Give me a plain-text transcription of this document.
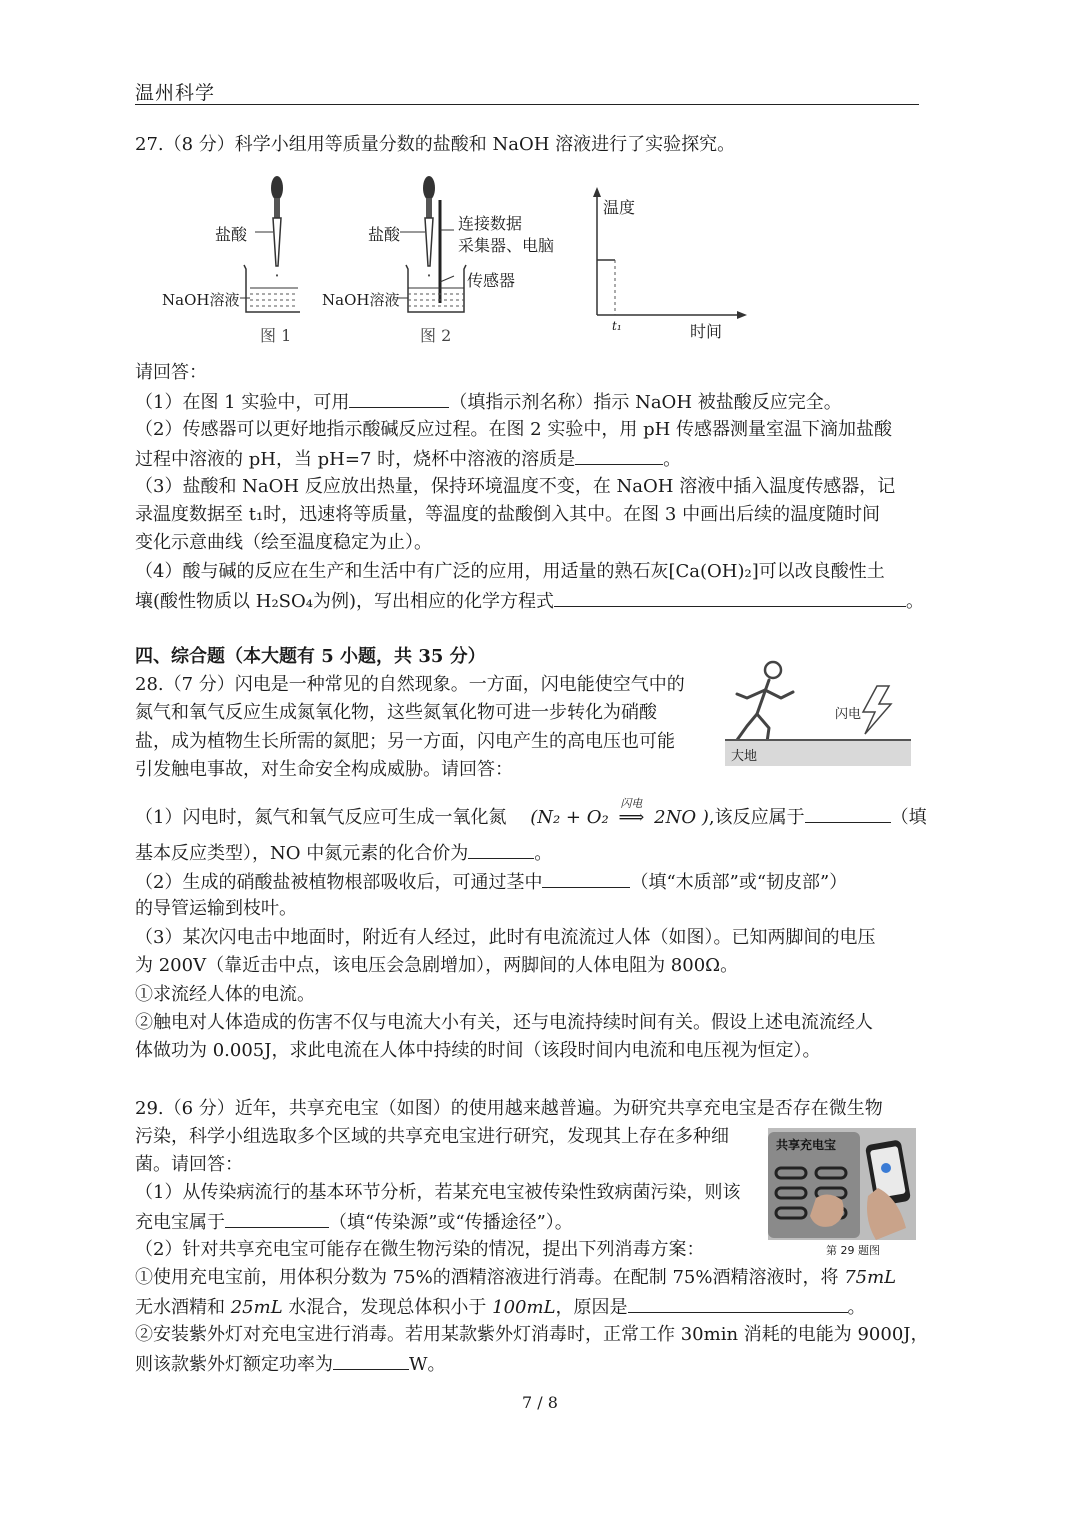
温州科学
27.（8 分）科学小组用等质量分数的盐酸和 NaOH 溶液进行了实验探究。
盐酸
NaOH溶液
图 1
盐酸
连接数据
采集器、电脑
传感器
NaOH溶液
图 2
温度
时间
t₁
请回答：
（1）在图 1 实验中，可用	（填指示剂名称）指示 NaOH 被盐酸反应完全。
（2）传感器可以更好地指示酸碱反应过程。在图 2 实验中，用 pH 传感器测量室温下滴加盐酸
过程中溶液的 pH，当 pH=7 时，烧杯中溶液的溶质是	。
（3）盐酸和 NaOH 反应放出热量，保持环境温度不变，在 NaOH 溶液中插入温度传感器，记
录温度数据至 t₁时，迅速将等质量，等温度的盐酸倒入其中。在图 3 中画出后续的温度随时间
变化示意曲线（绘至温度稳定为止）。
（4）酸与碱的反应在生产和生活中有广泛的应用，用适量的熟石灰[Ca(OH)₂]可以改良酸性土
壤(酸性物质以 H₂SO₄为例)，写出相应的化学方程式	。
四、综合题（本大题有 5 小题，共 35 分）
28.（7 分）闪电是一种常见的自然现象。一方面，闪电能使空气中的
氮气和氧气反应生成氮氧化物，这些氮氧化物可进一步转化为硝酸
盐，成为植物生长所需的氮肥；另一方面，闪电产生的高电压也可能
引发触电事故，对生命安全构成威胁。请回答：
闪电
大地
（1）闪电时，氮气和氧气反应可生成一氧化氮 (N₂ + O₂
闪电
⟹ 2NO ),该反应属于	（填
基本反应类型），NO 中氮元素的化合价为	。
（2）生成的硝酸盐被植物根部吸收后，可通过茎中	（填“木质部”或“韧皮部”）
的导管运输到枝叶。
（3）某次闪电击中地面时，附近有人经过，此时有电流流过人体（如图）。已知两脚间的电压
为 200V（靠近击中点，该电压会急剧增加），两脚间的人体电阻为 800Ω。
①求流经人体的电流。
②触电对人体造成的伤害不仅与电流大小有关，还与电流持续时间有关。假设上述电流流经人
体做功为 0.005J，求此电流在人体中持续的时间（该段时间内电流和电压视为恒定）。
29.（6 分）近年，共享充电宝（如图）的使用越来越普遍。为研究共享充电宝是否存在微生物
污染，科学小组选取多个区域的共享充电宝进行研究，发现其上存在多种细
菌。请回答：
（1）从传染病流行的基本环节分析，若某充电宝被传染性致病菌污染，则该
充电宝属于	（填“传染源”或“传播途径”）。
共享充电宝
第 29 题图
（2）针对共享充电宝可能存在微生物污染的情况，提出下列消毒方案：
①使用充电宝前，用体积分数为 75%的酒精溶液进行消毒。在配制 75%酒精溶液时，将 75mL
无水酒精和 25mL 水混合，发现总体积小于 100mL，原因是	。
②安装紫外灯对充电宝进行消毒。若用某款紫外灯消毒时，正常工作 30min 消耗的电能为 9000J，
则该款紫外灯额定功率为	W。
7 / 8
